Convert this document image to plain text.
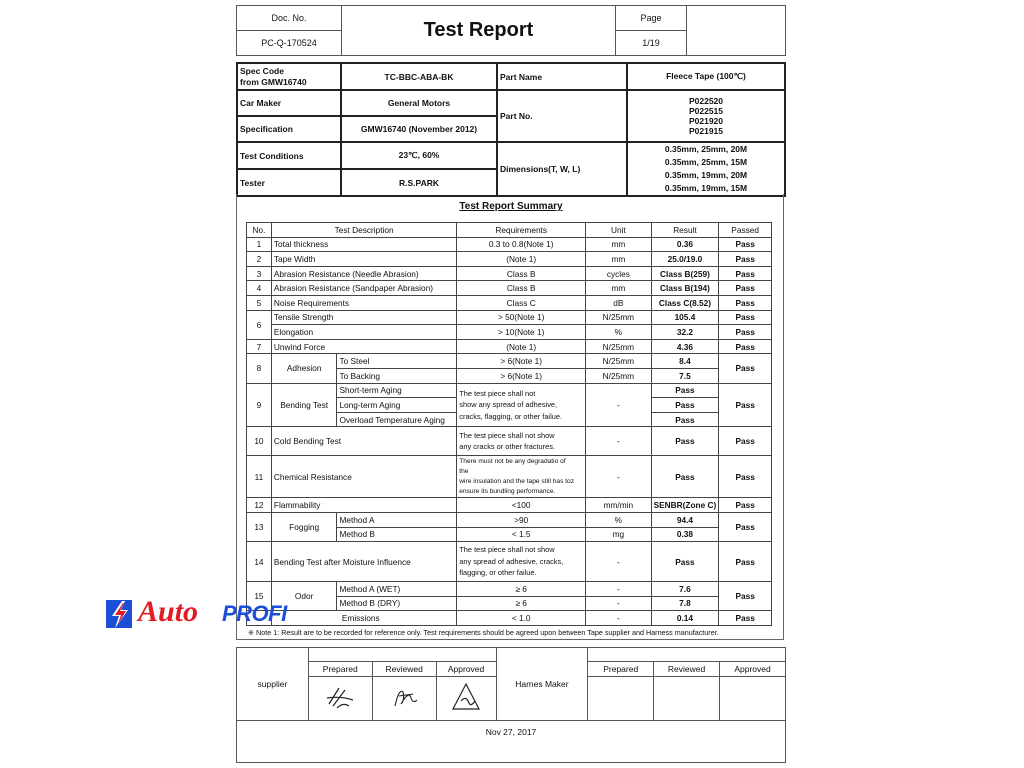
Doc. No.	Test Report	Page	
PC-Q-170524		1/19	
Spec Code
from GMW16740	TC-BBC-ABA-BK	Part Name	Fleece Tape (100℃)
Car Maker	General Motors	Part No.	P022520
P022515
P021920
P021915
Specification	GMW16740 (November 2012)		
Test Conditions	23℃, 60%	Dimensions(T, W, L)	0.35mm, 25mm, 20M
0.35mm, 25mm, 15M
0.35mm, 19mm, 20M
0.35mm, 19mm, 15M
Tester	R.S.PARK		
Test Report Summary
No.	Test Description		Requirements	Unit	Result	Passed
1	Total thickness		0.3 to 0.8(Note 1)	mm	0.36	Pass
2	Tape Width		(Note 1)	mm	25.0/19.0	Pass
3	Abrasion Resistance (Needle Abrasion)		Class B	cycles	Class B(259)	Pass
4	Abrasion Resistance (Sandpaper Abrasion)		Class B	mm	Class B(194)	Pass
5	Noise Requirements		Class C	dB	Class C(8.52)	Pass
6	Tensile Strength		> 50(Note 1)	N/25mm	105.4	Pass
	Elongation		> 10(Note 1)	%	32.2	Pass
7	Unwind Force		(Note 1)	N/25mm	4.36	Pass
8	Adhesion	To Steel	> 6(Note 1)	N/25mm	8.4	Pass
		To Backing	> 6(Note 1)	N/25mm	7.5	
9	Bending Test	Short-term Aging	The test piece shall not
show any spread of adhesive,
cracks, flagging, or other failue.	-	Pass	Pass
		Long-term Aging			Pass	
		Overload Temperature Aging			Pass	
10	Cold Bending Test		The test piece shall not show
any cracks or other fractures.	-	Pass	Pass
11	Chemical Resistance		There must not be any degradatio of
the
wire insulation and the tape still has toz
ensure its bundling performance.	-	Pass	Pass
12	Flammability		<100	mm/min	SENBR(Zone C)	Pass
13	Fogging	Method A	>90	%	94.4	Pass
		Method B	< 1.5	mg	0.38	
14	Bending Test after Moisture Influence		The test piece shall not show
any spread of adhesive, cracks,
flagging, or other failue.	-	Pass	Pass
15	Odor	Method A (WET)	≥ 6	-	7.6	Pass
		Method B (DRY)	≥ 6	-	7.8	
	Emissions		< 1.0	-	0.14	Pass
※ Note 1: Result are to be recorded for reference only. Test requirements should be agreed upon between Tape supplier and Harness manufacturer.
Auto PROFI
supplier				Harnes Maker			
	Prepared	Reviewed	Approved		Prepared	Reviewed	Approved

Nov 27, 2017							
